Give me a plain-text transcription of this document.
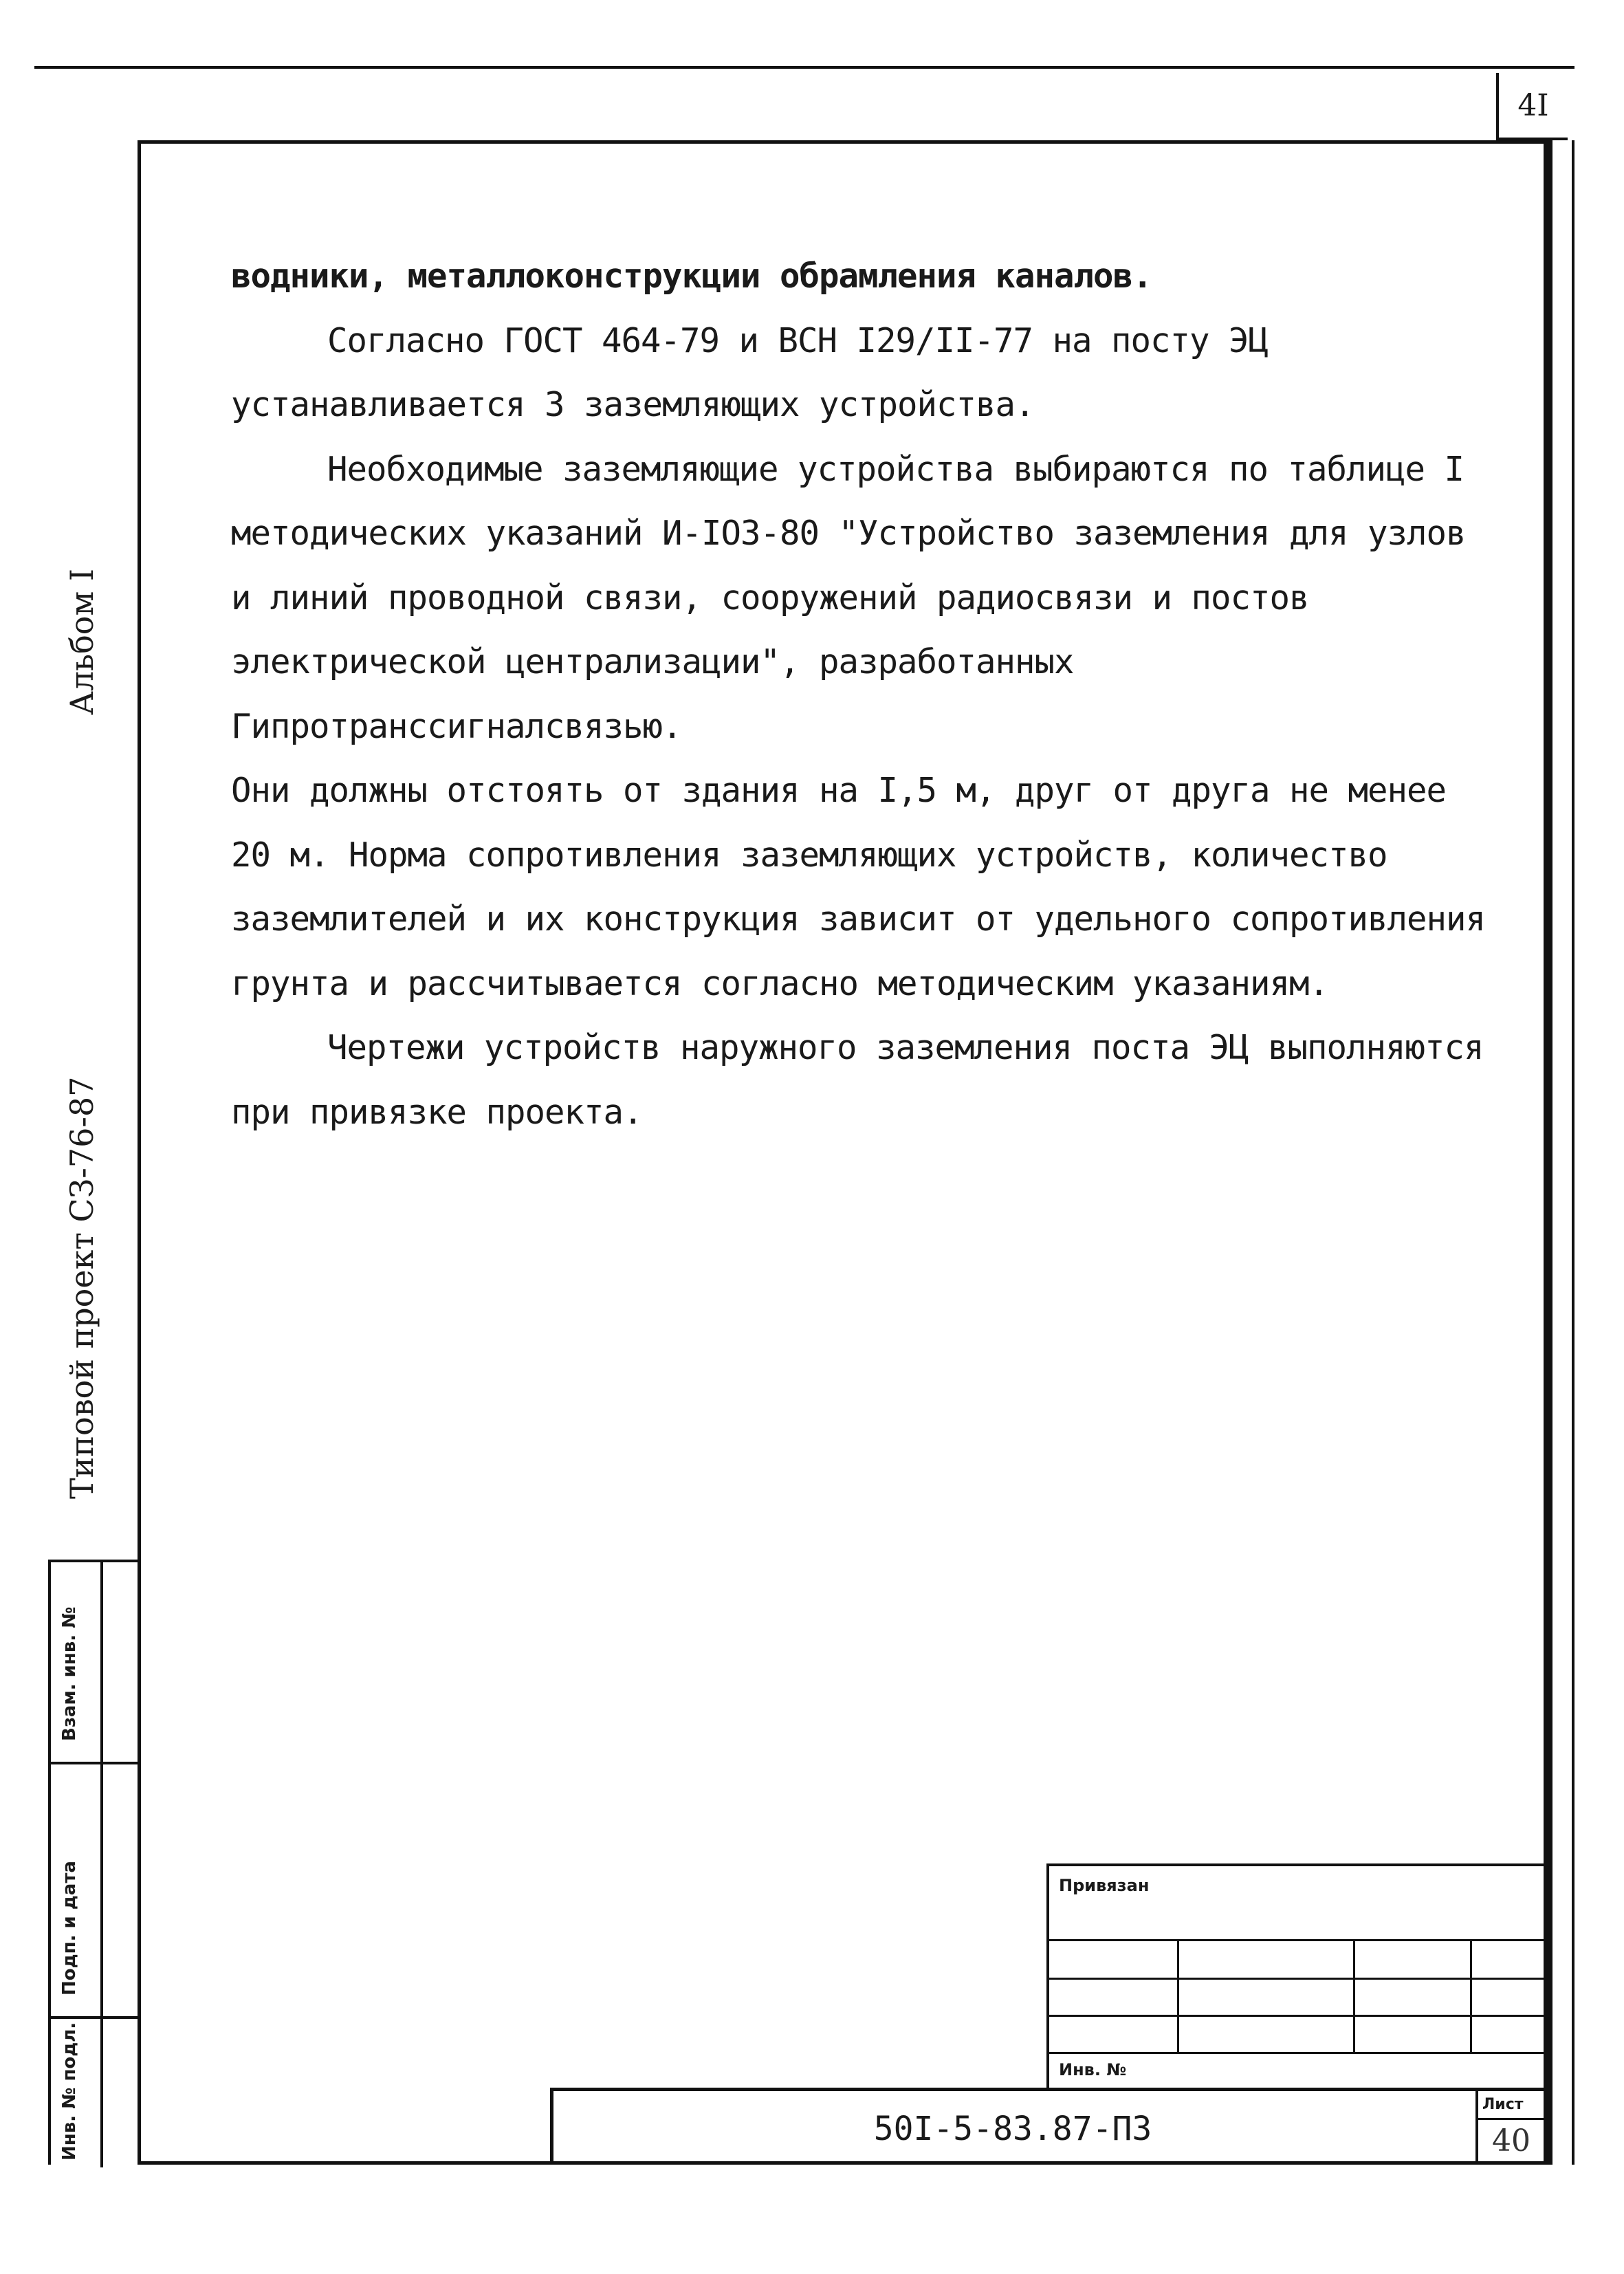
4I
Альбом I
Типовой проект СЗ-76-87
Взам. инв. №
Подп. и дата
Инв. № подл.

водники, металлоконструкции обрамления каналов.

Согласно ГОСТ 464-79 и ВСН I29/II-77 на посту ЭЦ устанавливается 3 заземляющих устройства.

Необходимые заземляющие устройства выбираются по таблице I методических указаний И-IO3-80 "Устройство заземления для узлов и линий проводной связи, сооружений радиосвязи и постов электрической централизации", разработанных Гипротранссигналсвязью.

Они должны отстоять от здания на I,5 м, друг от друга не менее 20 м. Норма сопротивления заземляющих устройств, количество заземлителей и их конструкция зависит от удельного сопротивления грунта и рассчитывается согласно методическим указаниям.

Чертежи устройств наружного заземления поста ЭЦ выполняются при привязке проекта.

Привязан
Инв. №
50I-5-83.87-ПЗ
Лист
40
